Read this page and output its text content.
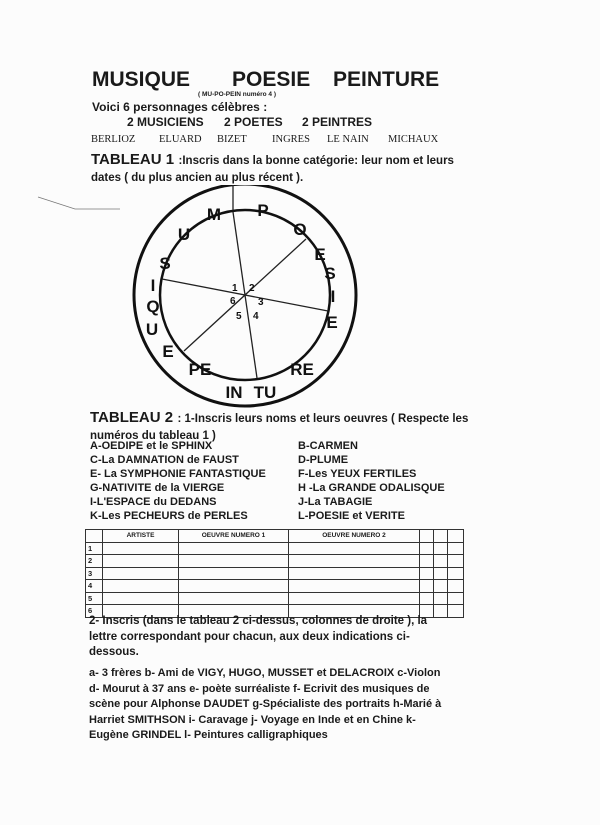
MUSIQUE POESIE PEINTURE
( MU-PO-PEIN numéro 4 )
Voici 6 personnages célèbres :
2 MUSICIENS 2 POETES 2 PEINTRES
BERLIOZ ELUARD BIZET INGRES LE NAIN MICHAUX
TABLEAU 1 :Inscris dans la bonne catégorie: leur nom et leurs dates ( du plus ancien au plus récent ).
M
U
S
I
Q
U
E
P
O
E
S
I
E
PE
IN TU
RE
1 2
3
4
5
6
TABLEAU 2 : 1-Inscris leurs noms et leurs oeuvres ( Respecte les numéros du tableau 1 )
A-OEDIPE et le SPHINX
C-La DAMNATION de FAUST
E- La SYMPHONIE FANTASTIQUE
G-NATIVITE de la VIERGE
I-L'ESPACE du DEDANS
K-Les PECHEURS de PERLES
B-CARMEN
D-PLUME
F-Les YEUX FERTILES
H -La GRANDE ODALISQUE
J-La TABAGIE
L-POESIE et VERITE
	ARTISTE	OEUVRE NUMERO 1	OEUVRE NUMERO 2			
1						
2						
3						
4						
5						
6						
2- Inscris (dans le tableau 2 ci-dessus, colonnes de droite ), la lettre correspondant pour chacun, aux deux indications ci-dessous.
a- 3 frères b- Ami de VIGY, HUGO, MUSSET et DELACROIX c-Violon d- Mourut à 37 ans e- poète surréaliste f- Ecrivit des musiques de scène pour Alphonse DAUDET g-Spécialiste des portraits h-Marié à Harriet SMITHSON i- Caravage j- Voyage en Inde et en Chine k-Eugène GRINDEL l- Peintures calligraphiques
